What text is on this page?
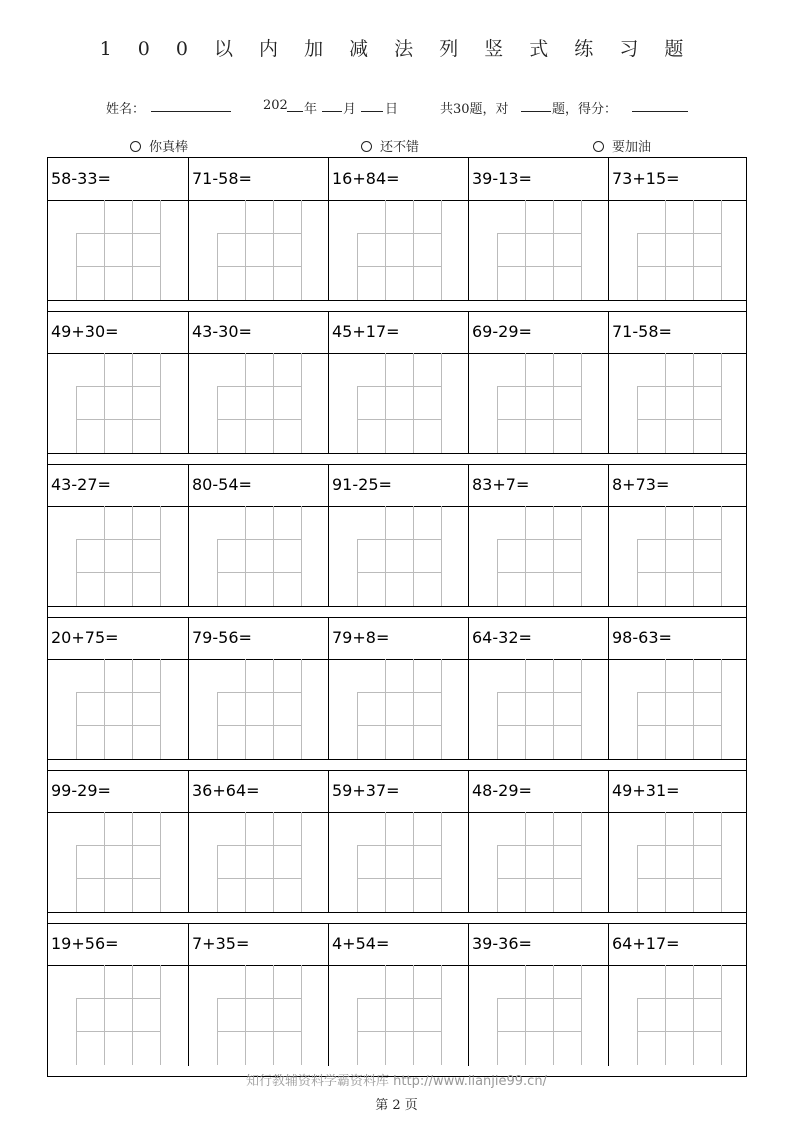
1 0 0 以 内 加 减 法 列 竖 式 练 习 题
姓名：	202 年 月 日	共30题，对	题，得分：
你真棒	还不错	要加油
58-33=	71-58=	16+84=	39-13=	73+15=
49+30=	43-30=	45+17=	69-29=	71-58=
43-27=	80-54=	91-25=	83+7=	8+73=
20+75=	79-56=	79+8=	64-32=	98-63=
99-29=	36+64=	59+37=	48-29=	49+31=
19+56=	7+35=	4+54=	39-36=	64+17=
知行教辅资料学霸资料库 http://www.lianjie99.cn/
第 2 页
